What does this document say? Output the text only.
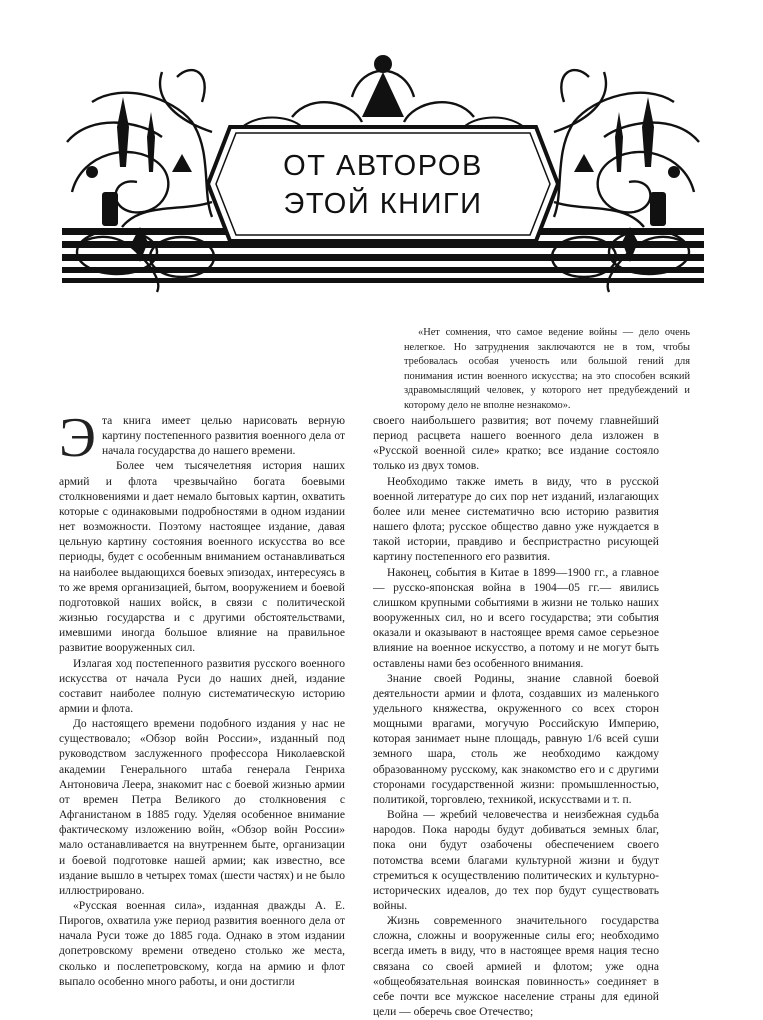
ОТ АВТОРОВ
ЭТОЙ КНИГИ

«Нет сомнения, что самое ведение войны — дело очень нелегкое. Но затруднения заключаются не в том, чтобы требовалась особая ученость или большой гений для понимания истин военного искусства; на это способен всякий здравомыслящий человек, у которого нет предубеждений и которому дело не вполне незнакомо».

Эта книга имеет целью нарисовать верную картину постепенного развития военного дела от начала государства до нашего времени.

Более чем тысячелетняя история наших армий и флота чрезвычайно богата боевыми столкновениями и дает немало бытовых картин, охватить которые с одинаковыми подробностями в одном издании нет возможности. Поэтому настоящее издание, давая цельную картину состояния военного искусства во все периоды, будет с особенным вниманием останавливаться на наиболее выдающихся боевых эпизодах, интересуясь в то же время организацией, бытом, вооружением и боевой подготовкой наших войск, в связи с политической жизнью государства и с другими обстоятельствами, имевшими иногда большое влияние на правильное развитие вооруженных сил.

Излагая ход постепенного развития русского военного искусства от начала Руси до наших дней, издание составит наиболее полную систематическую историю армии и флота.

До настоящего времени подобного издания у нас не существовало; «Обзор войн России», изданный под руководством заслуженного профессора Николаевской академии Генерального штаба генерала Генриха Антоновича Леера, знакомит нас с боевой жизнью армии от времен Петра Великого до столкновения с Афганистаном в 1885 году. Уделяя особенное внимание фактическому изложению войн, «Обзор войн России» мало останавливается на внутреннем быте, организации и боевой подготовке нашей армии; как известно, все издание вышло в четырех томах (шести частях) и не было иллюстрировано.

«Русская военная сила», изданная дважды А. Е. Пирогов, охватила уже период развития военного дела от начала Руси тоже до 1885 года. Однако в этом издании допетровскому времени отведено столько же места, сколько и послепетровскому, когда на армию и флот выпало особенно много работы, и они достигли

своего наибольшего развития; вот почему главнейший период расцвета нашего военного дела изложен в «Русской военной силе» кратко; все издание состояло только из двух томов.

Необходимо также иметь в виду, что в русской военной литературе до сих пор нет изданий, излагающих более или менее систематично всю историю развития нашего флота; русское общество давно уже нуждается в такой истории, правдиво и беспристрастно рисующей картину постепенного его развития.

Наконец, события в Китае в 1899—1900 гг., а главное — русско-японская война в 1904—05 гг.— явились слишком крупными событиями в жизни не только наших вооруженных сил, но и всего государства; эти события оказали и оказывают в настоящее время самое серьезное влияние на военное искусство, а потому и не могут быть оставлены нами без особенного внимания.

Знание своей Родины, знание славной боевой деятельности армии и флота, создавших из маленького удельного княжества, окруженного со всех сторон мощными врагами, могучую Российскую Империю, которая занимает ныне площадь, равную 1/6 всей суши земного шара, столь же необходимо каждому образованному русскому, как знакомство его и с другими сторонами государственной жизни: промышленностью, политикой, торговлею, техникой, искусствами и т. п.

Война — жребий человечества и неизбежная судьба народов. Пока народы будут добиваться земных благ, пока они будут озабочены обеспечением своего потомства всеми благами культурной жизни и будут стремиться к осуществлению политических и культурно-исторических идеалов, до тех пор будут существовать войны.

Жизнь современного значительного государства сложна, сложны и вооруженные силы его; необходимо всегда иметь в виду, что в настоящее время нация тесно связана со своей армией и флотом; уже одна «общеобязательная воинская повинность» соединяет в себе почти все мужское население страны для единой цели — оберечь свое Отечество;
